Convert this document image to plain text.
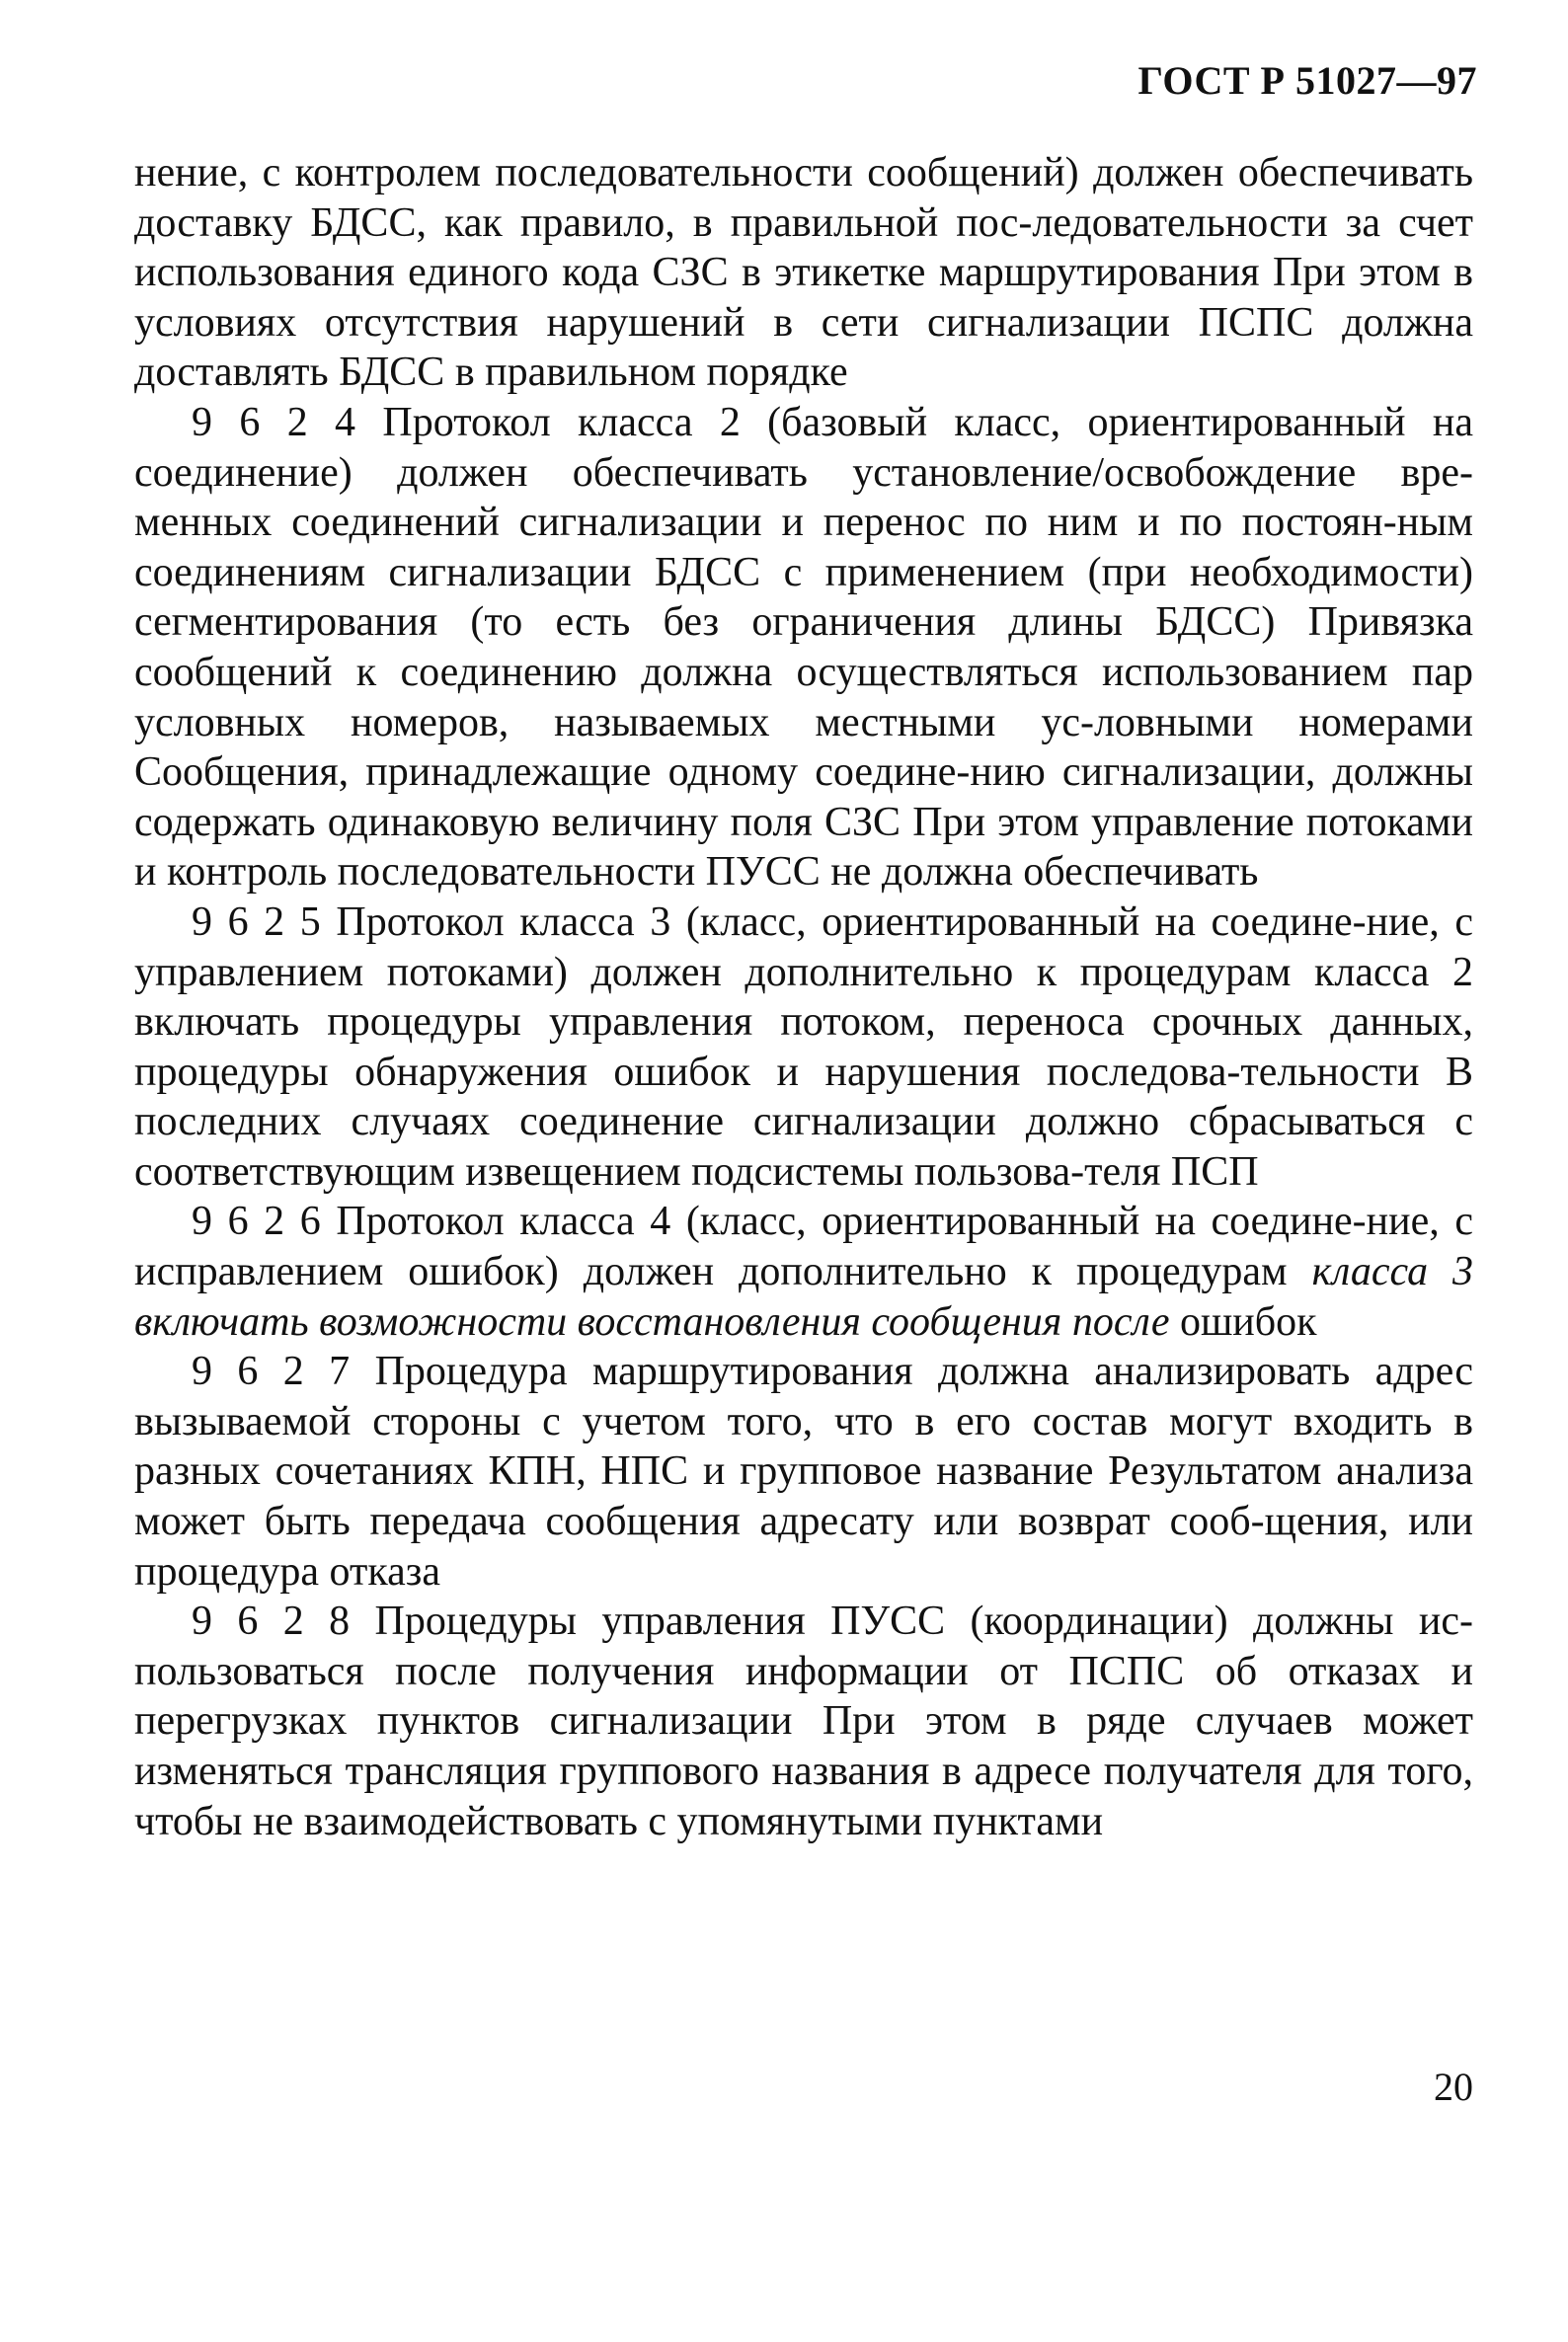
ГОСТ Р 51027—97

нение, с контролем последовательности сообщений) должен обеспечивать доставку БДСС, как правило, в правильной пос-ледовательности за счет использования единого кода СЗС в этикетке маршрутирования При этом в условиях отсутствия нарушений в сети сигнализации ПСПС должна доставлять БДСС в правильном порядке

9 6 2 4 Протокол класса 2 (базовый класс, ориентированный на соединение) должен обеспечивать установление/освобождение вре-менных соединений сигнализации и перенос по ним и по постоян-ным соединениям сигнализации БДСС с применением (при необходимости) сегментирования (то есть без ограничения длины БДСС) Привязка сообщений к соединению должна осуществляться использованием пар условных номеров, называемых местными ус-ловными номерами Сообщения, принадлежащие одному соедине-нию сигнализации, должны содержать одинаковую величину поля СЗС При этом управление потоками и контроль последовательности ПУСС не должна обеспечивать

9 6 2 5 Протокол класса 3 (класс, ориентированный на соедине-ние, с управлением потоками) должен дополнительно к процедурам класса 2 включать процедуры управления потоком, переноса срочных данных, процедуры обнаружения ошибок и нарушения последова-тельности В последних случаях соединение сигнализации должно сбрасываться с соответствующим извещением подсистемы пользова-теля ПСП

9 6 2 6 Протокол класса 4 (класс, ориентированный на соедине-ние, с исправлением ошибок) должен дополнительно к процедурам класса 3 включать возможности восстановления сообщения после ошибок

9 6 2 7 Процедура маршрутирования должна анализировать адрес вызываемой стороны с учетом того, что в его состав могут входить в разных сочетаниях КПН, НПС и групповое название Результатом анализа может быть передача сообщения адресату или возврат сооб-щения, или процедура отказа

9 6 2 8 Процедуры управления ПУСС (координации) должны ис-пользоваться после получения информации от ПСПС об отказах и перегрузках пунктов сигнализации При этом в ряде случаев может изменяться трансляция группового названия в адресе получателя для того, чтобы не взаимодействовать с упомянутыми пунктами

20
